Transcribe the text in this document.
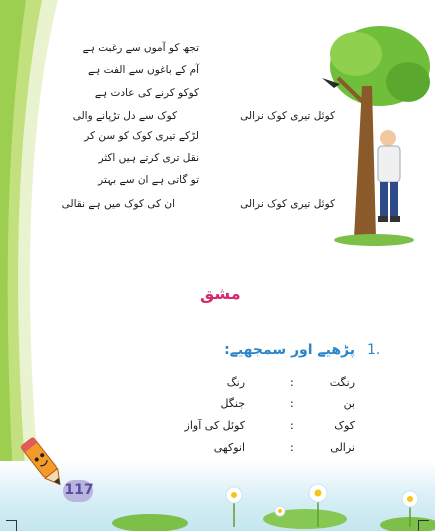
تجھ کو آموں سے رغبت ہے
آم کے باغوں سے الفت ہے
کوکو کرنے کی عادت ہے
کوک سے دل تڑپانے والی	کوئل تیری کوک نرالی
لڑکے تیری کوک کو سن کر
نقل تری کرتے ہیں اکثر
تو گاتی ہے ان سے بہتر
ان کی کوک میں ہے نقالی	کوئل تیری کوک نرالی
مشق
1.
پڑھیے اور سمجھیے:
رنگت
:
رنگ
بن
:
جنگل
کوک
:
کوئل کی آواز
نرالی
:
انوکھی
117
